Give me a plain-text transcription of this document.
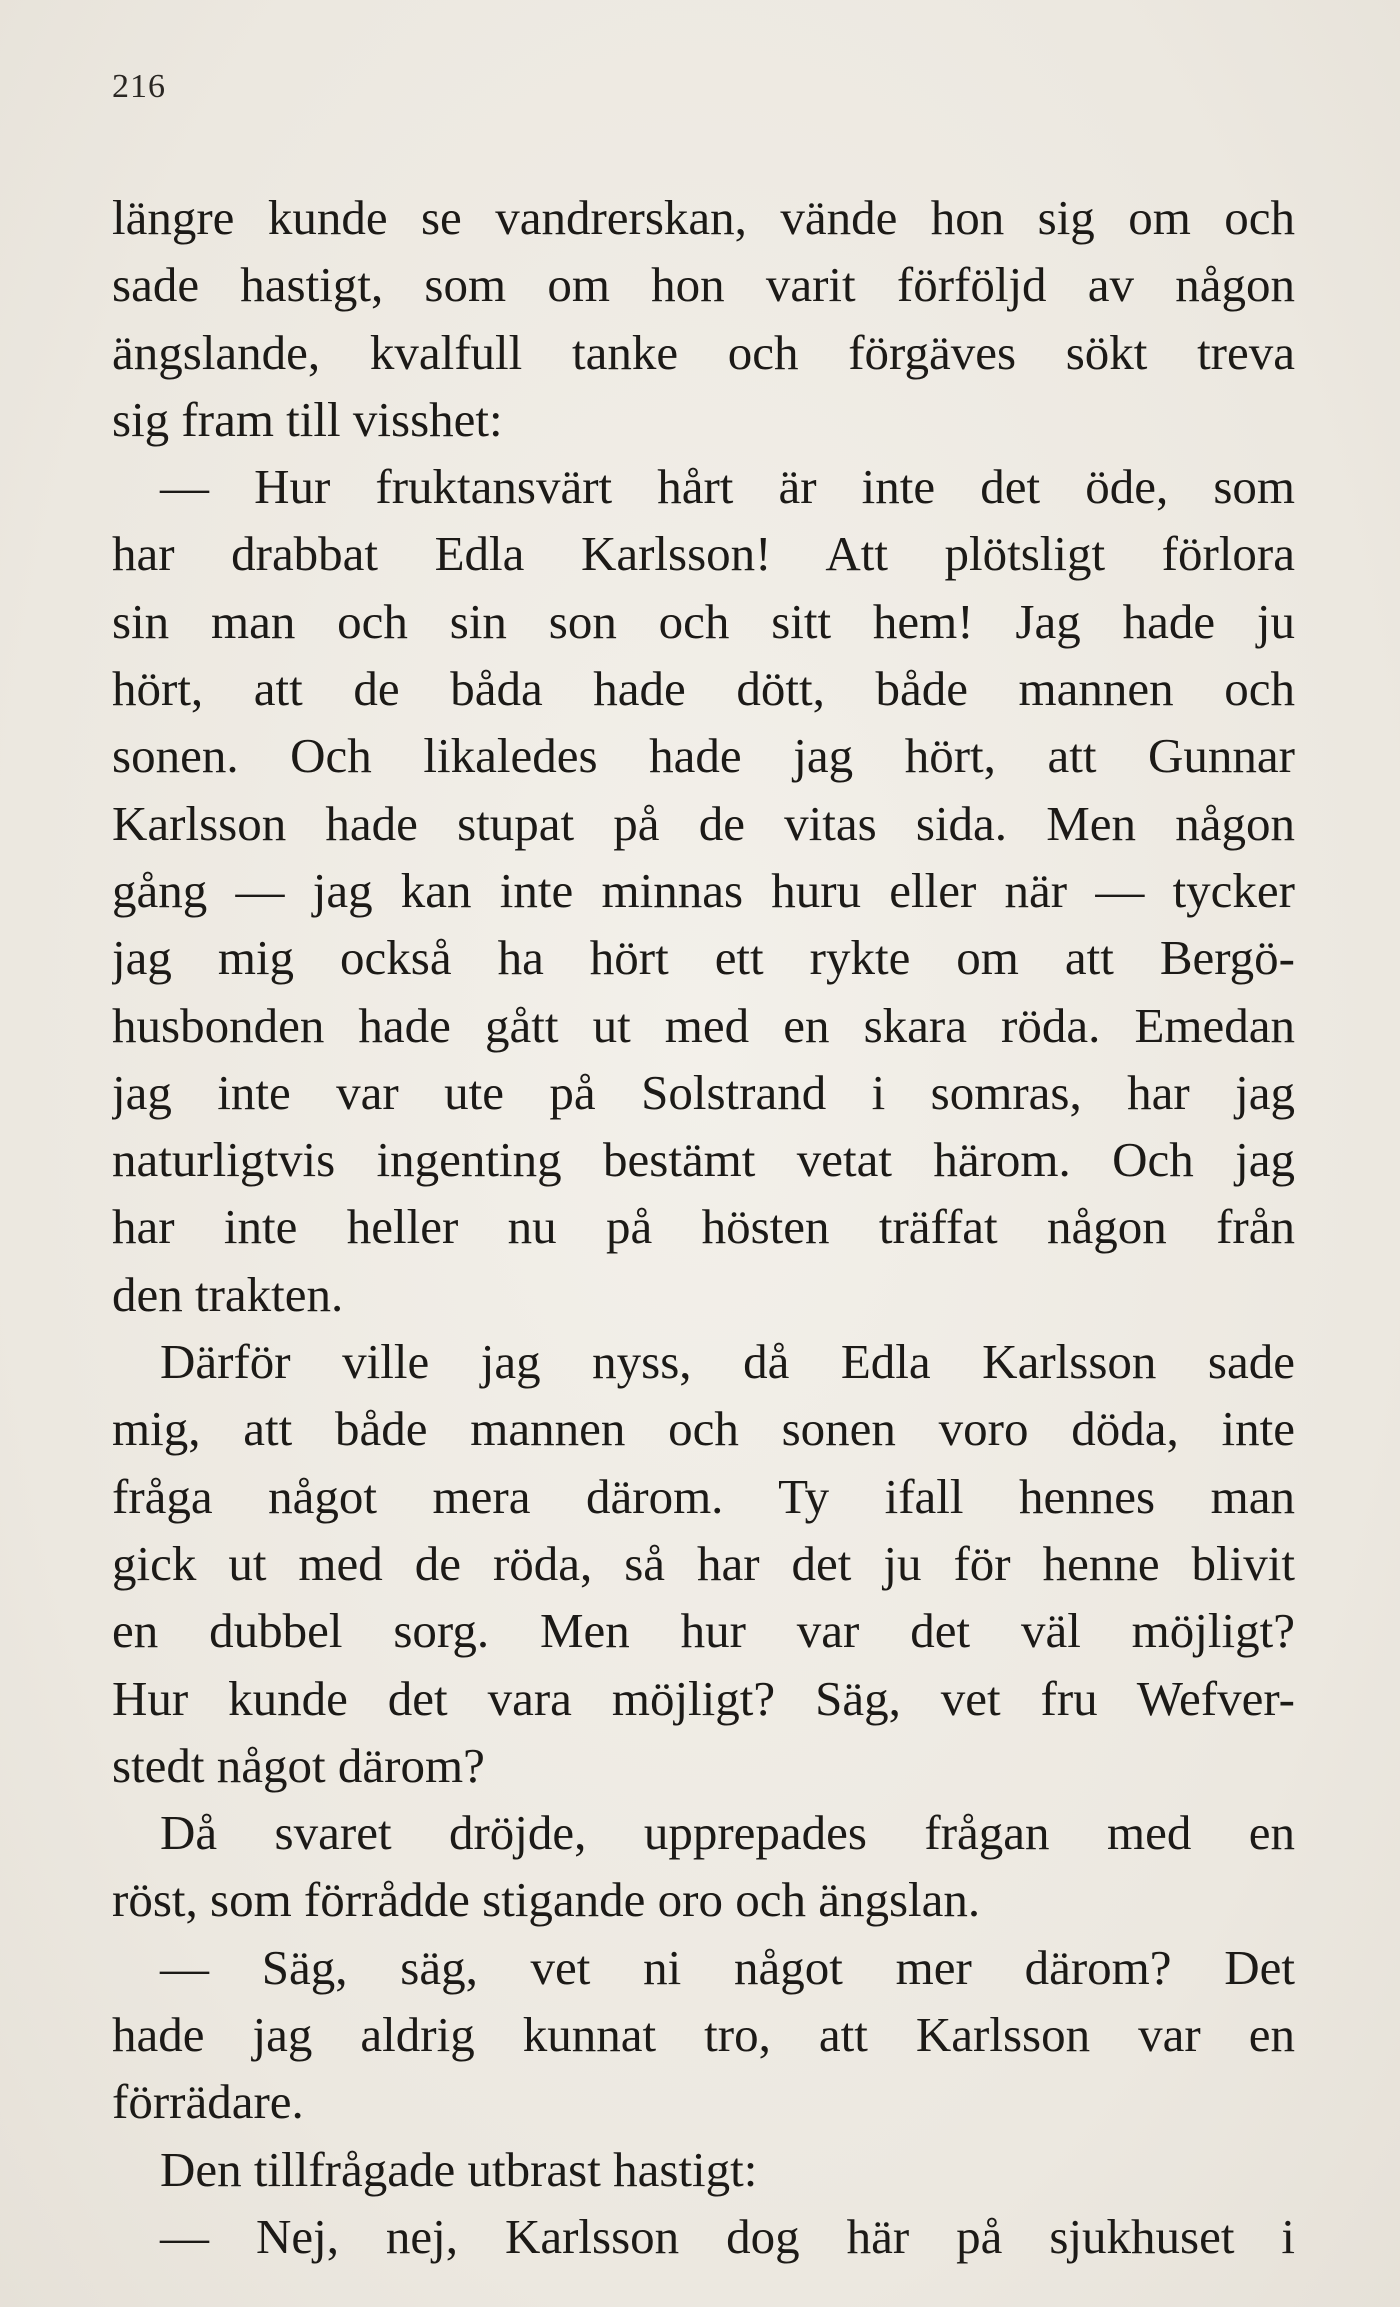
216
längre kunde se vandrerskan, vände hon sig om och
sade hastigt, som om hon varit förföljd av någon
ängslande, kvalfull tanke och förgäves sökt treva
sig fram till visshet:
— Hur fruktansvärt hårt är inte det öde, som
har drabbat Edla Karlsson! Att plötsligt förlora
sin man och sin son och sitt hem! Jag hade ju
hört, att de båda hade dött, både mannen och
sonen. Och likaledes hade jag hört, att Gunnar
Karlsson hade stupat på de vitas sida. Men någon
gång — jag kan inte minnas huru eller när — tycker
jag mig också ha hört ett rykte om att Bergö-
husbonden hade gått ut med en skara röda. Emedan
jag inte var ute på Solstrand i somras, har jag
naturligtvis ingenting bestämt vetat härom. Och jag
har inte heller nu på hösten träffat någon från
den trakten.
Därför ville jag nyss, då Edla Karlsson sade
mig, att både mannen och sonen voro döda, inte
fråga något mera därom. Ty ifall hennes man
gick ut med de röda, så har det ju för henne blivit
en dubbel sorg. Men hur var det väl möjligt?
Hur kunde det vara möjligt? Säg, vet fru Wefver-
stedt något därom?
Då svaret dröjde, upprepades frågan med en
röst, som förrådde stigande oro och ängslan.
— Säg, säg, vet ni något mer därom? Det
hade jag aldrig kunnat tro, att Karlsson var en
förrädare.
Den tillfrågade utbrast hastigt:
— Nej, nej, Karlsson dog här på sjukhuset i
